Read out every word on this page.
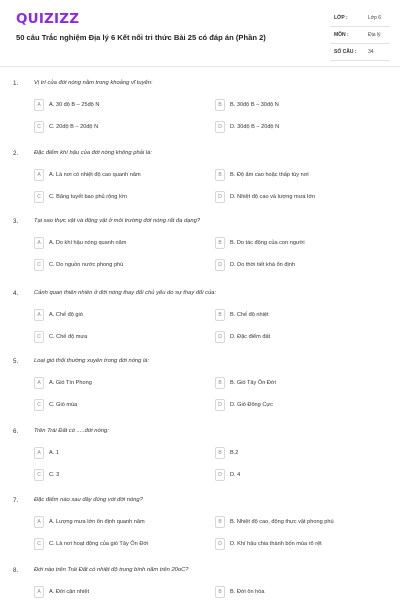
QUIZIZZ
50 câu Trắc nghiệm Địa lý 6 Kết nối tri thức Bài 25 có đáp án (Phần 2)
LỚP :	Lớp 6
MÔN :	Địa lý
SỐ CÂU : 34
1.	Vị trí của đới nóng nằm trong khoảng vĩ tuyến:
A	A. 30 độ B – 25độ N	B	B. 30độ B – 30độ N
C	C. 20độ B – 20độ N	D	D. 30độ B – 20độ N
2.	Đặc điểm khí hậu của đới nóng không phải là:
A	A. Là nơi có nhiệt độ cao quanh năm	B	B. Độ ẩm cao hoặc thấp tùy nơi
C	C. Băng tuyết bao phủ rộng lớn	D	D. Nhiệt độ cao và lượng mưa lớn
3.	Tại sao thực vật và động vật ở môi trường đới nóng rất đa dạng?
A	A. Do khí hậu nóng quanh năm	B	B. Do tác động của con người
C	C. Do nguồn nước phong phú	D	D. Do thời tiết khá ổn định
4.	Cảnh quan thiên nhiên ở đới nóng thay đổi chủ yếu do sự thay đổi của:
A	A. Chế độ gió	B	B. Chế độ nhiệt
C	C. Chế độ mưa	D	D. Đặc điểm đất
5.	Loại gió thổi thường xuyên trong đới nóng là:
A	A. Gió Tín Phong	B	B. Gió Tây Ôn Đới
C	C. Gió mùa	D	D. Gió Đông Cực
6.	Trên Trái Đất có .....đới nóng:
A	A. 1	B	B.2
C	C. 3	D	D. 4
7.	Đặc điểm nào sau đây đúng với đới nóng?
A	A. Lượng mưa lớn ổn định quanh năm	B	B. Nhiệt độ cao, động thực vật phong phú
C	C. Là nơi hoạt động của gió Tây Ôn Đới	D	D. Khí hậu chia thành bốn mùa rõ rệt
8.	Đới nào trên Trái Đất có nhiệt độ trung bình năm trên 20oC?
A	A. Đới cận nhiệt	B	B. Đới ôn hòa
